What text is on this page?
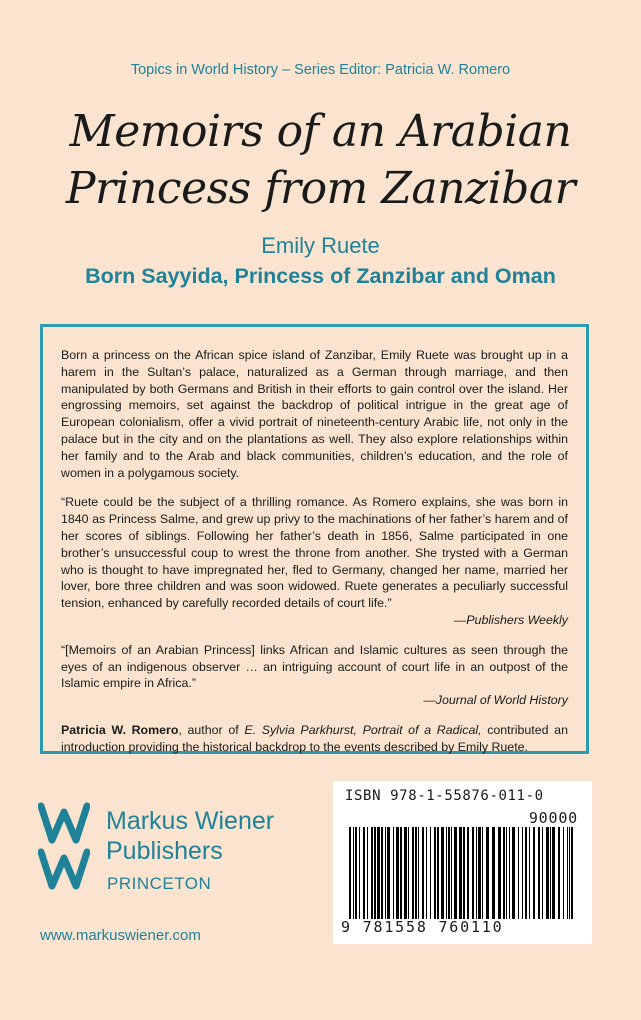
Topics in World History – Series Editor: Patricia W. Romero
Memoirs of an Arabian
Princess from Zanzibar
Emily Ruete
Born Sayyida, Princess of Zanzibar and Oman

Born a princess on the African spice island of Zanzibar, Emily Ruete was brought up in a harem in the Sultan’s palace, naturalized as a German through marriage, and then manipulated by both Germans and British in their efforts to gain control over the island. Her engrossing memoirs, set against the backdrop of political intrigue in the great age of European colonialism, offer a vivid portrait of nineteenth-century Arabic life, not only in the palace but in the city and on the plantations as well. They also explore relationships within her family and to the Arab and black communities, children’s education, and the role of women in a polygamous society.

“Ruete could be the subject of a thrilling romance. As Romero explains, she was born in 1840 as Princess Salme, and grew up privy to the machinations of her father’s harem and of her scores of siblings. Following her father’s death in 1856, Salme participated in one brother’s unsuccessful coup to wrest the throne from another. She trysted with a German who is thought to have impregnated her, fled to Germany, changed her name, married her lover, bore three children and was soon widowed. Ruete generates a peculiarly successful tension, enhanced by carefully recorded details of court life.”
—Publishers Weekly

“[Memoirs of an Arabian Princess] links African and Islamic cultures as seen through the eyes of an indigenous observer … an intriguing account of court life in an outpost of the Islamic empire in Africa.”
—Journal of World History

Patricia W. Romero, author of E. Sylvia Parkhurst, Portrait of a Radical, contributed an introduction providing the historical backdrop to the events described by Emily Ruete.

Markus Wiener
Publishers
PRINCETON
www.markuswiener.com
ISBN 978-1-55876-011-0
90000
9 781558 760110
